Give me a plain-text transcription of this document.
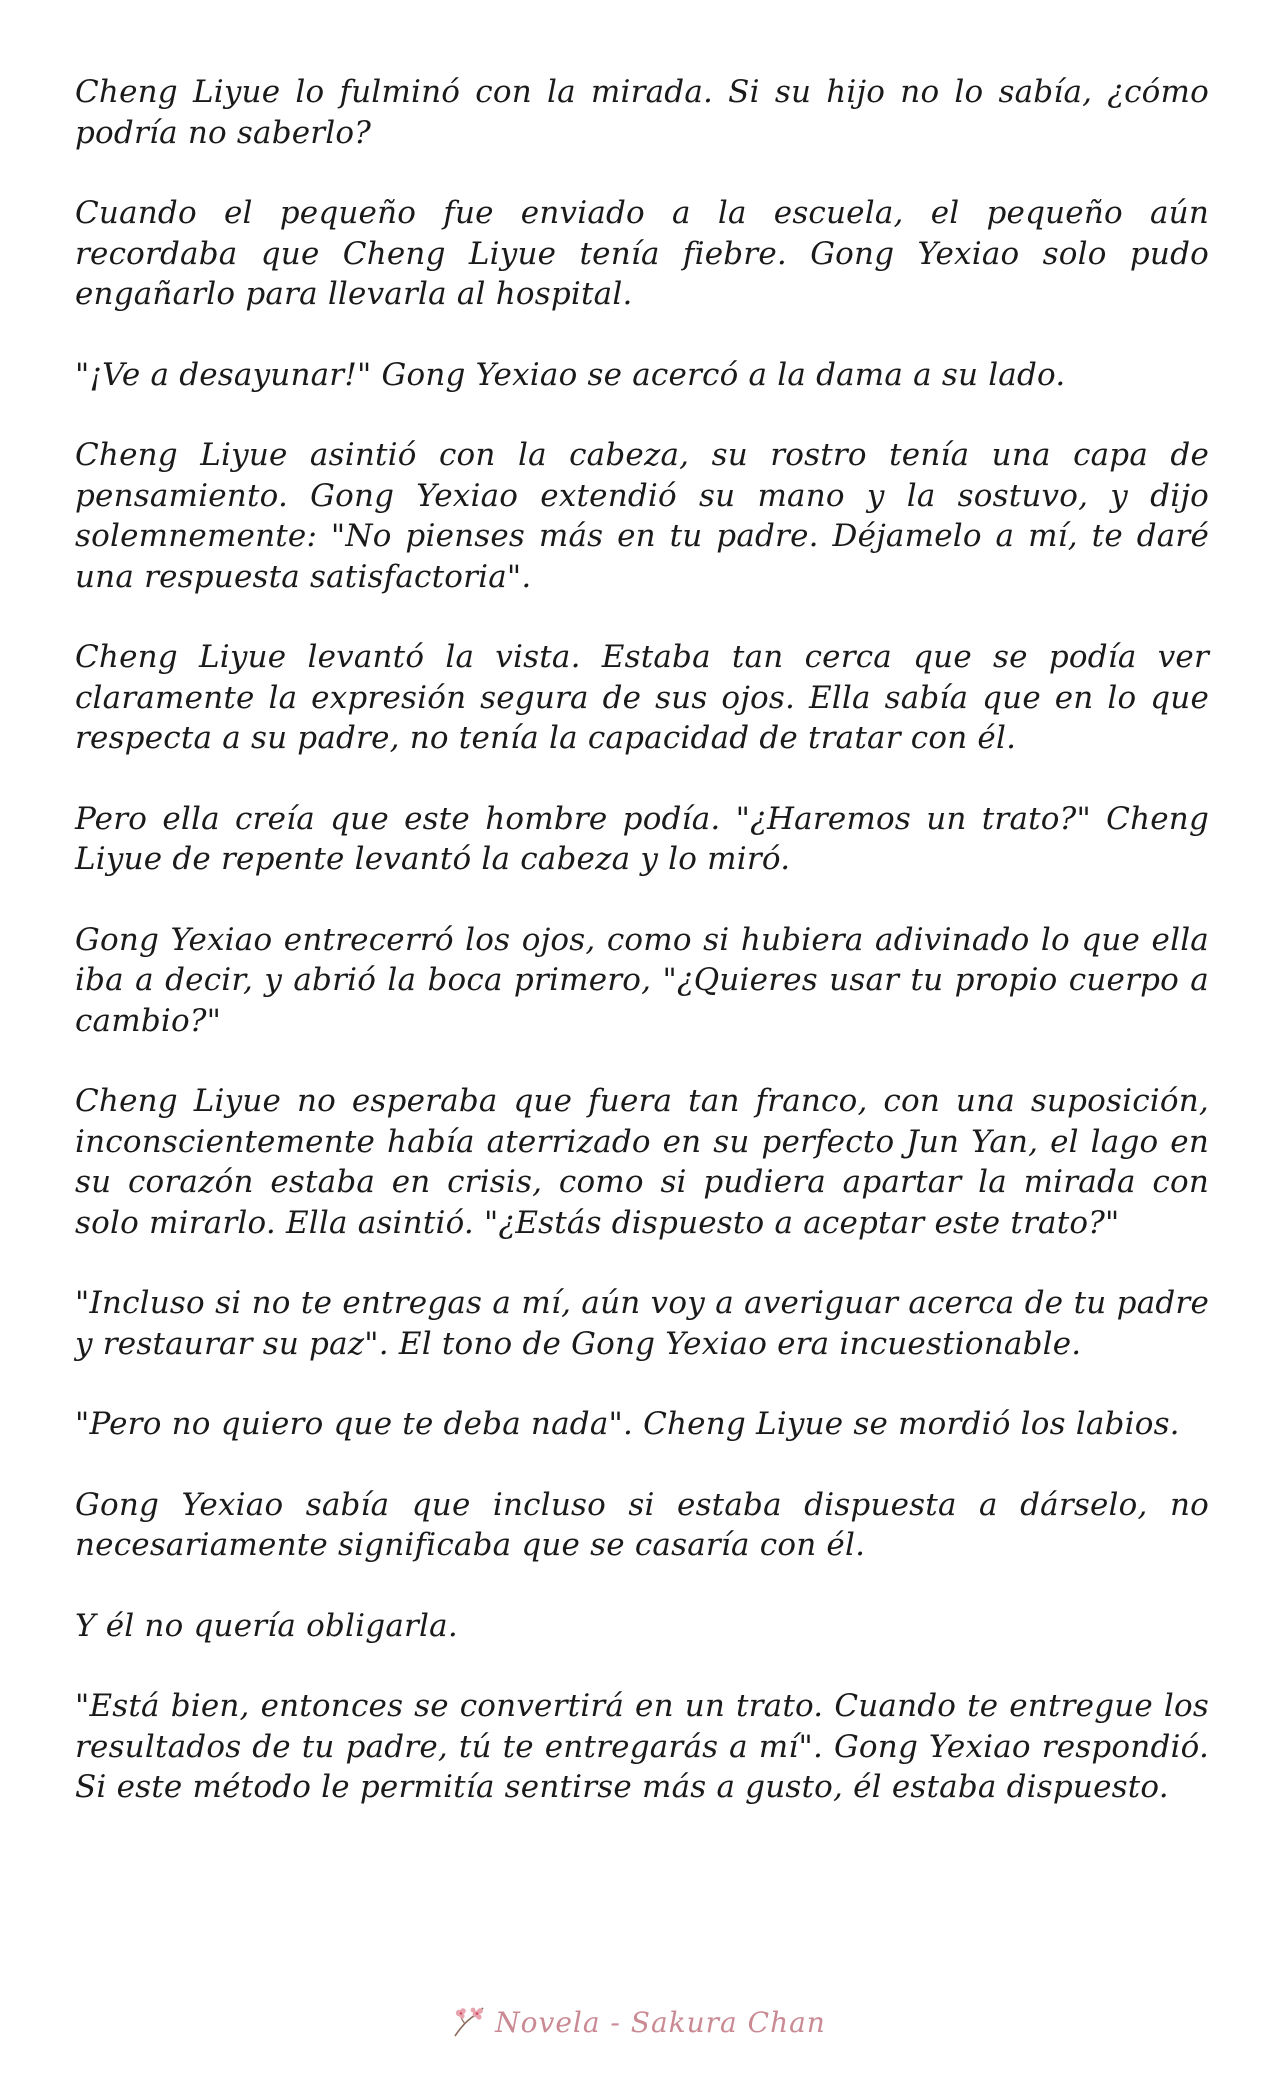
Cheng Liyue lo fulminó con la mirada. Si su hijo no lo sabía, ¿cómo podría no saberlo?

Cuando el pequeño fue enviado a la escuela, el pequeño aún recordaba que Cheng Liyue tenía fiebre. Gong Yexiao solo pudo engañarlo para llevarla al hospital.

"¡Ve a desayunar!" Gong Yexiao se acercó a la dama a su lado.

Cheng Liyue asintió con la cabeza, su rostro tenía una capa de pensamiento. Gong Yexiao extendió su mano y la sostuvo, y dijo solemnemente: "No pienses más en tu padre. Déjamelo a mí, te daré una respuesta satisfactoria".

Cheng Liyue levantó la vista. Estaba tan cerca que se podía ver claramente la expresión segura de sus ojos. Ella sabía que en lo que respecta a su padre, no tenía la capacidad de tratar con él.

Pero ella creía que este hombre podía. "¿Haremos un trato?" Cheng Liyue de repente levantó la cabeza y lo miró.

Gong Yexiao entrecerró los ojos, como si hubiera adivinado lo que ella iba a decir, y abrió la boca primero, "¿Quieres usar tu propio cuerpo a cambio?"

Cheng Liyue no esperaba que fuera tan franco, con una suposición, inconscientemente había aterrizado en su perfecto Jun Yan, el lago en su corazón estaba en crisis, como si pudiera apartar la mirada con solo mirarlo. Ella asintió. "¿Estás dispuesto a aceptar este trato?"

"Incluso si no te entregas a mí, aún voy a averiguar acerca de tu padre y restaurar su paz". El tono de Gong Yexiao era incuestionable.

"Pero no quiero que te deba nada". Cheng Liyue se mordió los labios.

Gong Yexiao sabía que incluso si estaba dispuesta a dárselo, no necesariamente significaba que se casaría con él.

Y él no quería obligarla.

"Está bien, entonces se convertirá en un trato. Cuando te entregue los resultados de tu padre, tú te entregarás a mí". Gong Yexiao respondió. Si este método le permitía sentirse más a gusto, él estaba dispuesto.

Novela - Sakura Chan
